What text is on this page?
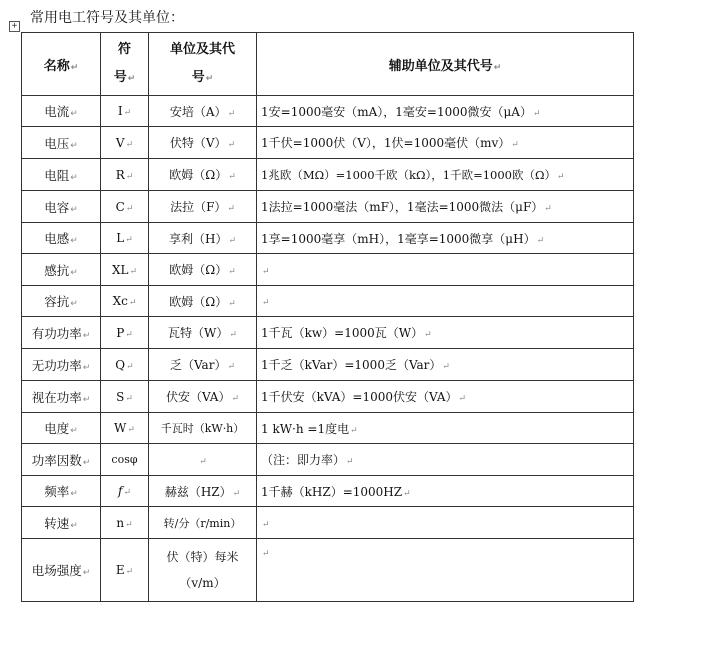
常用电工符号及其单位：
+
名称↵	符号↵	单位及其代号↵	辅助单位及其代号↵
电流↵	I↵	安培（A）↵	1安=1000毫安（mA），1毫安=1000微安（μA）↵
电压↵	V↵	伏特（V）↵	1千伏=1000伏（V），1伏=1000毫伏（mv）↵
电阻↵	R↵	欧姆（Ω）↵	1兆欧（MΩ）=1000千欧（kΩ），1千欧=1000欧（Ω）↵
电容↵	C↵	法拉（F）↵	1法拉=1000毫法（mF），1毫法=1000微法（μF）↵
电感↵	L↵	享利（H）↵	1享=1000毫享（mH），1毫享=1000微享（μH）↵
感抗↵	XL↵	欧姆（Ω）↵	↵
容抗↵	Xc↵	欧姆（Ω）↵	↵
有功功率↵	P↵	瓦特（W）↵	1千瓦（kw）=1000瓦（W）↵
无功功率↵	Q↵	乏（Var）↵	1千乏（kVar）=1000乏（Var）↵
视在功率↵	S↵	伏安（VA）↵	1千伏安（kVA）=1000伏安（VA）↵
电度↵	W↵	千瓦时（kW·h）	1 kW·h =1度电↵
功率因数↵	cosφ	↵	（注：即力率）↵
频率↵	f↵	赫兹（HZ）↵	1千赫（kHZ）=1000HZ↵
转速↵	n↵	转/分（r/min）	↵
电场强度↵	E↵	伏（特）每米（v/m）	↵
